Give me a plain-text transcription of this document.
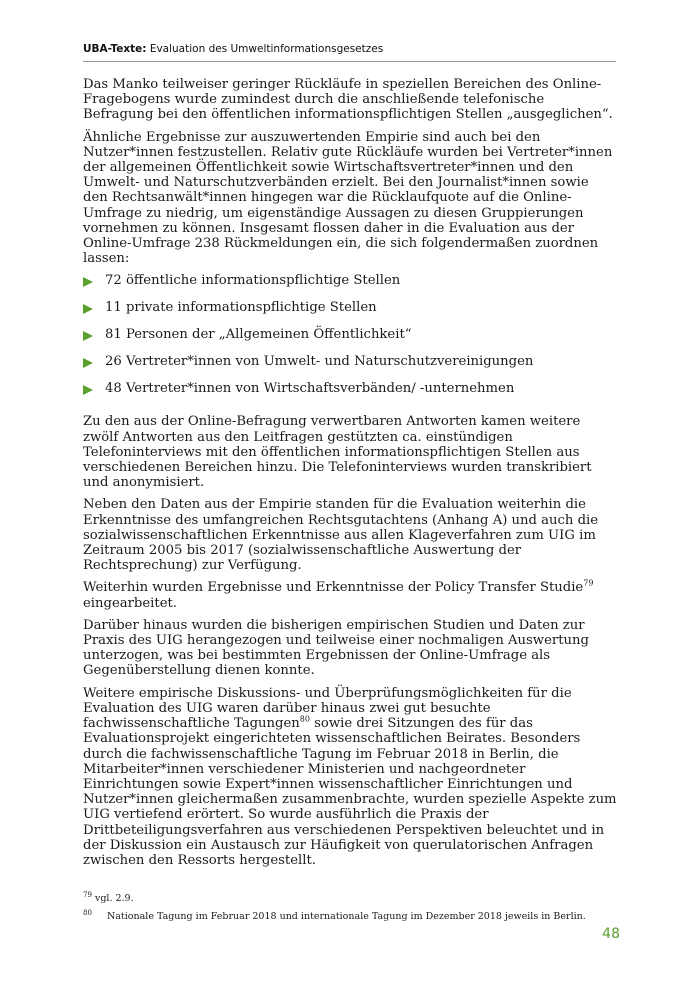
UBA-Texte: Evaluation des Umweltinformationsgesetzes

Das Manko teilweiser geringer Rückläufe in speziellen Bereichen des Online-Fragebogens wurde zumindest durch die anschließende telefonische Befragung bei den öffentlichen informationspflichtigen Stellen „ausgeglichen“.

Ähnliche Ergebnisse zur auszuwertenden Empirie sind auch bei den Nutzer*innen festzustellen. Relativ gute Rückläufe wurden bei Vertreter*innen der allgemeinen Öffentlichkeit sowie Wirtschaftsvertreter*innen und den Umwelt- und Naturschutzverbänden erzielt. Bei den Journalist*innen sowie den Rechtsanwält*innen hingegen war die Rücklaufquote auf die Online-Umfrage zu niedrig, um eigenständige Aussagen zu diesen Gruppierungen vornehmen zu können. Insgesamt flossen daher in die Evaluation aus der Online-Umfrage 238 Rückmeldungen ein, die sich folgendermaßen zuordnen lassen:

72 öffentliche informationspflichtige Stellen
11 private informationspflichtige Stellen
81 Personen der „Allgemeinen Öffentlichkeit“
26 Vertreter*innen von Umwelt- und Naturschutzvereinigungen
48 Vertreter*innen von Wirtschaftsverbänden/ -unternehmen

Zu den aus der Online-Befragung verwertbaren Antworten kamen weitere zwölf Antworten aus den Leitfragen gestützten ca. einstündigen Telefoninterviews mit den öffentlichen informationspflichtigen Stellen aus verschiedenen Bereichen hinzu. Die Telefoninterviews wurden transkribiert und anonymisiert.

Neben den Daten aus der Empirie standen für die Evaluation weiterhin die Erkenntnisse des umfangreichen Rechtsgutachtens (Anhang A) und auch die sozialwissenschaftlichen Erkenntnisse aus allen Klageverfahren zum UIG im Zeitraum 2005 bis 2017 (sozialwissenschaftliche Auswertung der Rechtsprechung) zur Verfügung.

Weiterhin wurden Ergebnisse und Erkenntnisse der Policy Transfer Studie$^{79}$ eingearbeitet.

Darüber hinaus wurden die bisherigen empirischen Studien und Daten zur Praxis des UIG herangezogen und teilweise einer nochmaligen Auswertung unterzogen, was bei bestimmten Ergebnissen der Online-Umfrage als Gegenüberstellung dienen konnte.

Weitere empirische Diskussions- und Überprüfungsmöglichkeiten für die Evaluation des UIG waren darüber hinaus zwei gut besuchte fachwissenschaftliche Tagungen$^{80}$ sowie drei Sitzungen des für das Evaluationsprojekt eingerichteten wissenschaftlichen Beirates. Besonders durch die fachwissenschaftliche Tagung im Februar 2018 in Berlin, die Mitarbeiter*innen verschiedener Ministerien und nachgeordneter Einrichtungen sowie Expert*innen wissenschaftlicher Einrichtungen und Nutzer*innen gleichermaßen zusammenbrachte, wurden spezielle Aspekte zum UIG vertiefend erörtert. So wurde ausführlich die Praxis der Drittbeteiligungsverfahren aus verschiedenen Perspektiven beleuchtet und in der Diskussion ein Austausch zur Häufigkeit von querulatorischen Anfragen zwischen den Ressorts hergestellt.

$^{79}$ vgl. 2.9.
$^{80}$ Nationale Tagung im Februar 2018 und internationale Tagung im Dezember 2018 jeweils in Berlin.
48
